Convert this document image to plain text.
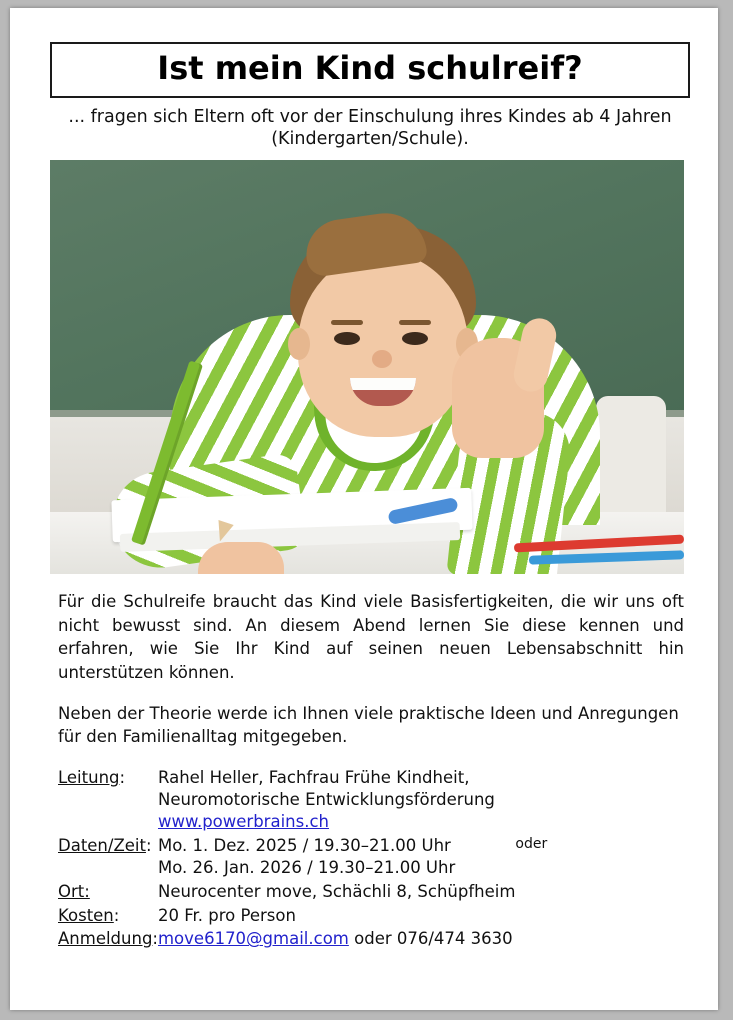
Ist mein Kind schulreif?
... fragen sich Eltern oft vor der Einschulung ihres Kindes ab 4 Jahren (Kindergarten/Schule).
Für die Schulreife braucht das Kind viele Basisfertigkeiten, die wir uns oft nicht bewusst sind. An diesem Abend lernen Sie diese kennen und erfahren, wie Sie Ihr Kind auf seinen neuen Lebensabschnitt hin unterstützen können.
Neben der Theorie werde ich Ihnen viele praktische Ideen und Anregungen für den Familienalltag mitgegeben.
Leitung:	Rahel Heller, Fachfrau Frühe Kindheit,
Neuromotorische Entwicklungsförderung
www.powerbrains.ch	

Daten/Zeit:	Mo. 1. Dez. 2025 / 19.30–21.00 Uhr
Mo. 26. Jan. 2026 / 19.30–21.00 Uhr	oder
Ort:	Neurocenter move, Schächli 8, Schüpfheim	
Kosten:	20 Fr. pro Person	
Anmeldung:	move6170@gmail.com oder 076/474 3630	
